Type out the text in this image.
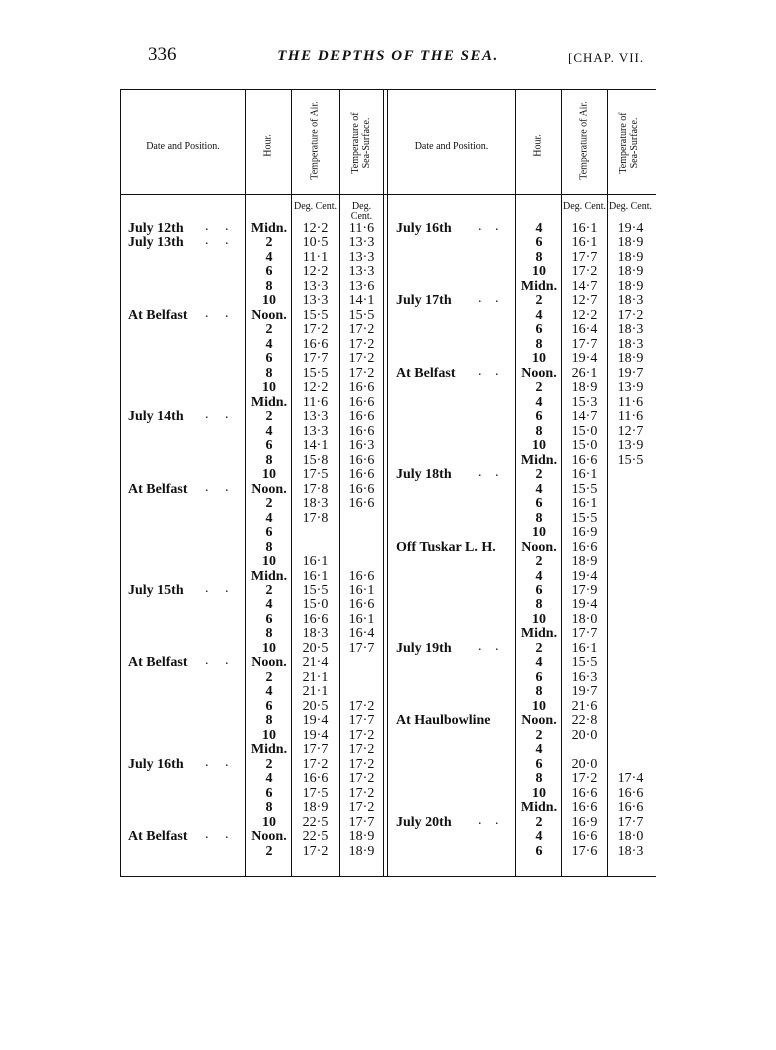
336	THE DEPTHS OF THE SEA.	[CHAP. VII.
Date and Position.	Hour.	Temperature of Air.	Temperature of Sea-Surface.	Date and Position.	Hour.	Temperature of Air.	Temperature of Sea-Surface.
Deg. Cent.	Deg. Cent.
Deg. Cent. Deg. Cent.
July 12th . .	Midn.	12·2	11·6
July 13th . .	2	10·5	13·3
4	11·1	13·3
6	12·2	13·3
8	13·3	13·6
10	13·3	14·1
At Belfast . .	Noon.	15·5	15·5
2	17·2	17·2
4	16·6	17·2
6	17·7	17·2
8	15·5	17·2
10	12·2	16·6
Midn.	11·6	16·6
July 14th . .	2	13·3	16·6
4	13·3	16·6
6	14·1	16·3
8	15·8	16·6
10	17·5	16·6
At Belfast . .	Noon.	17·8	16·6
2	18·3	16·6
4	17·8
6
8
10	16·1
Midn.	16·1	16·6
July 15th . .	2	15·5	16·1
4	15·0	16·6
6	16·6	16·1
8	18·3	16·4
10	20·5	17·7
At Belfast . .	Noon.	21·4
2	21·1
4	21·1
6	20·5	17·2
8	19·4	17·7
10	19·4	17·2
Midn.	17·7	17·2
July 16th . .	2	17·2	17·2
4	16·6	17·2
6	17·5	17·2
8	18·9	17·2
10	22·5	17·7
At Belfast . .	Noon.	22·5	18·9
2	17·2	18·9
July 16th . .	4	16·1	19·4
6	16·1	18·9
8	17·7	18·9
10	17·2	18·9
Midn.	14·7	18·9
July 17th . .	2	12·7	18·3
4	12·2	17·2
6	16·4	18·3
8	17·7	18·3
10	19·4	18·9
At Belfast . .	Noon.	26·1	19·7
2	18·9	13·9
4	15·3	11·6
6	14·7	11·6
8	15·0	12·7
10	15·0	13·9
Midn.	16·6	15·5
July 18th . .	2	16·1
4	15·5
6	16·1
8	15·5
10	16·9
Off Tuskar L. H.	Noon.	16·6
2	18·9
4	19·4
6	17·9
8	19·4
10	18·0
Midn.	17·7
July 19th . .	2	16·1
4	15·5
6	16·3
8	19·7
10	21·6
At Haulbowline	Noon.	22·8
2	20·0
4
6	20·0
8	17·2	17·4
10	16·6	16·6
Midn.	16·6	16·6
July 20th . .	2	16·9	17·7
4	16·6	18·0
6	17·6	18·3
